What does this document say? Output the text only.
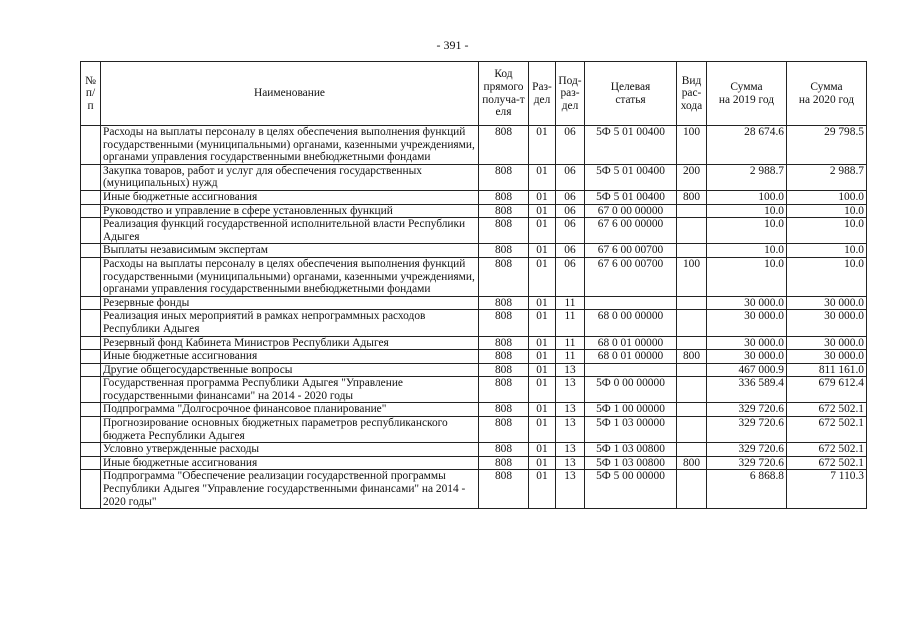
- 391 -
№
п/п	Наименование	Код
прямого
получа-т
еля	Раз-
дел	Под-
раз-
дел	Целевая
статья	Вид
рас-
хода	Сумма
на 2019 год	Сумма
на 2020 год
	Расходы на выплаты персоналу в целях обеспечения выполнения функций государственными (муниципальными) органами, казенными учреждениями, органами управления государственными внебюджетными фондами	808	01	06	5Ф 5 01 00400	100	28 674.6	29 798.5
	Закупка товаров, работ и услуг для обеспечения государственных (муниципальных) нужд	808	01	06	5Ф 5 01 00400	200	2 988.7	2 988.7
	Иные бюджетные ассигнования	808	01	06	5Ф 5 01 00400	800	100.0	100.0
	Руководство и управление в сфере установленных функций	808	01	06	67 0 00 00000		10.0	10.0
	Реализация функций государственной исполнительной власти Республики Адыгея	808	01	06	67 6 00 00000		10.0	10.0
	Выплаты независимым экспертам	808	01	06	67 6 00 00700		10.0	10.0
	Расходы на выплаты персоналу в целях обеспечения выполнения функций государственными (муниципальными) органами, казенными учреждениями, органами управления государственными внебюджетными фондами	808	01	06	67 6 00 00700	100	10.0	10.0
	Резервные фонды	808	01	11			30 000.0	30 000.0
	Реализация иных мероприятий в рамках непрограммных расходов Республики Адыгея	808	01	11	68 0 00 00000		30 000.0	30 000.0
	Резервный фонд Кабинета Министров Республики Адыгея	808	01	11	68 0 01 00000		30 000.0	30 000.0
	Иные бюджетные ассигнования	808	01	11	68 0 01 00000	800	30 000.0	30 000.0
	Другие общегосударственные вопросы	808	01	13			467 000.9	811 161.0
	Государственная программа Республики Адыгея "Управление государственными финансами" на 2014 - 2020 годы	808	01	13	5Ф 0 00 00000		336 589.4	679 612.4
	Подпрограмма "Долгосрочное финансовое планирование"	808	01	13	5Ф 1 00 00000		329 720.6	672 502.1
	Прогнозирование основных бюджетных параметров республиканского бюджета Республики Адыгея	808	01	13	5Ф 1 03 00000		329 720.6	672 502.1
	Условно утвержденные расходы	808	01	13	5Ф 1 03 00800		329 720.6	672 502.1
	Иные бюджетные ассигнования	808	01	13	5Ф 1 03 00800	800	329 720.6	672 502.1
	Подпрограмма "Обеспечение реализации государственной программы Республики Адыгея "Управление государственными финансами" на 2014 - 2020 годы"	808	01	13	5Ф 5 00 00000		6 868.8	7 110.3
